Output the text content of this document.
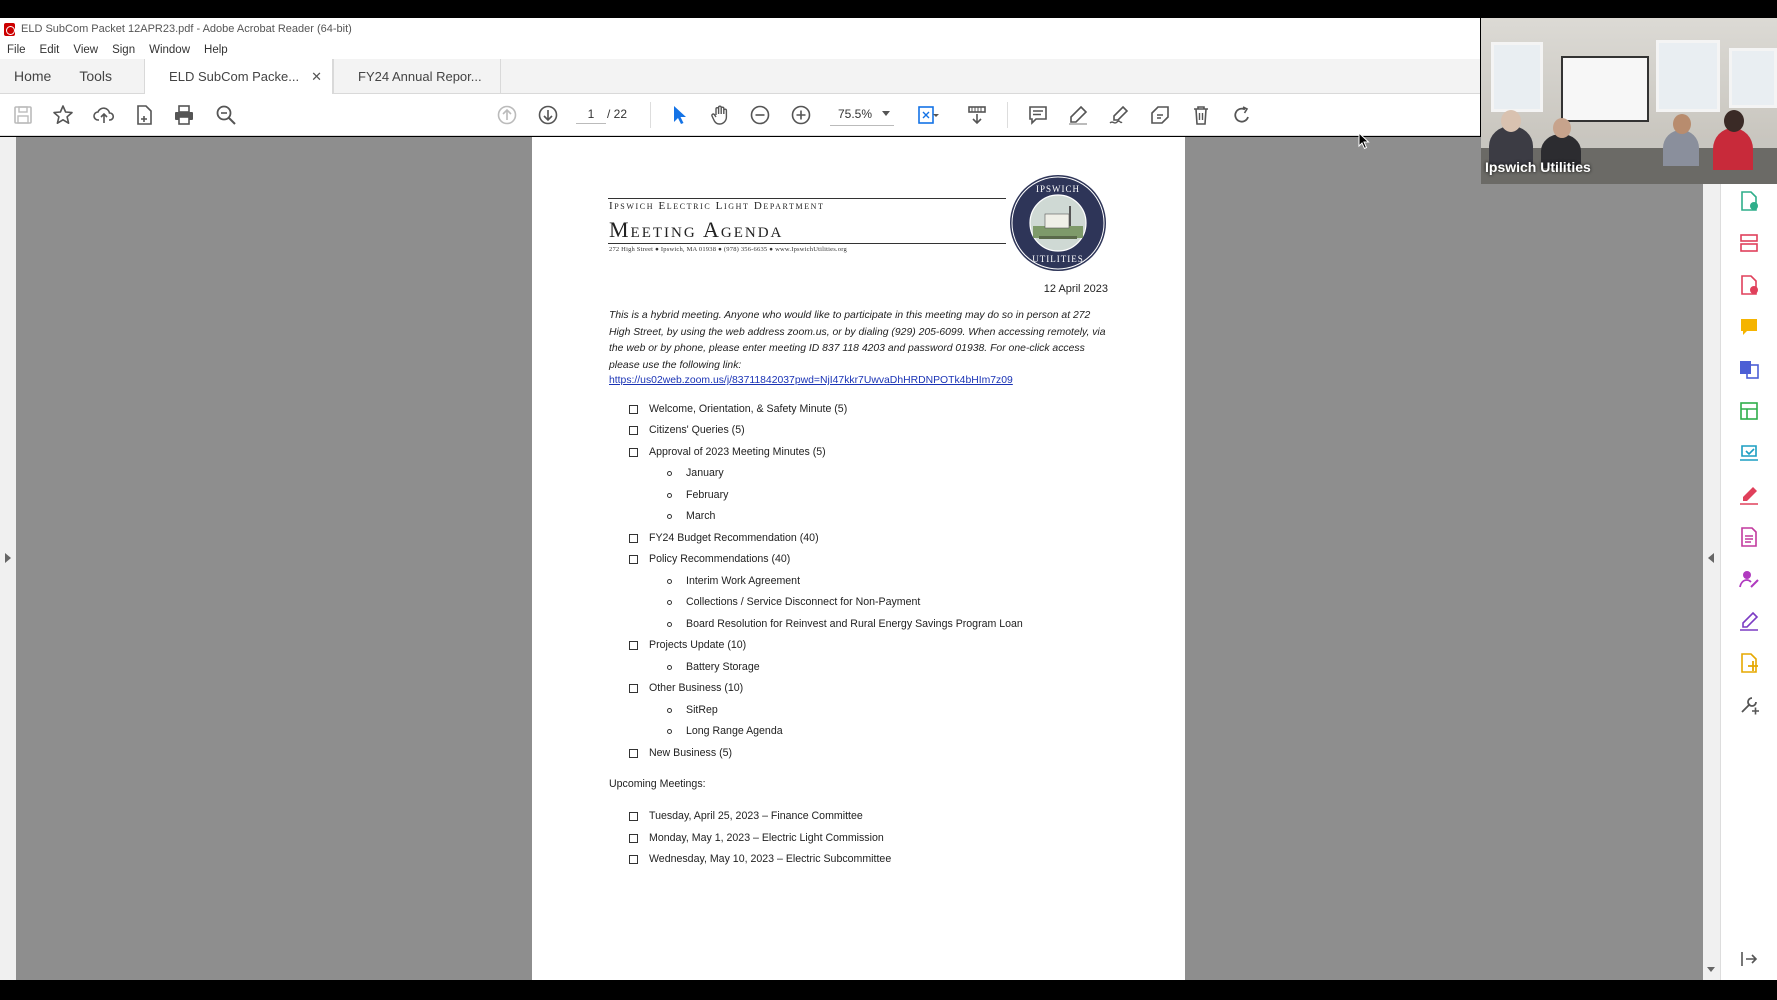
ELD SubCom Packet 12APR23.pdf - Adobe Acrobat Reader (64-bit)
File	Edit	View	Sign	Window	Help
Home	Tools	ELD SubCom Packe... ✕	FY24 Annual Repor...
1	/ 22	75.5%
Ipswich Electric Light Department
Meeting Agenda
272 High Street ● Ipswich, MA 01938 ● (978) 356-6635 ● www.IpswichUtilities.org
IPSWICH
UTILITIES
12 April 2023
This is a hybrid meeting. Anyone who would like to participate in this meeting may do so in person at 272 High Street, by using the web address zoom.us, or by dialing (929) 205-6099. When accessing remotely, via the web or by phone, please enter meeting ID 837 118 4203 and password 01938. For one-click access please use the following link:
https://us02web.zoom.us/j/83711842037pwd=NjI47kkr7UwvaDhHRDNPOTk4bHIm7z09
Welcome, Orientation, & Safety Minute (5)
Citizens' Queries (5)
Approval of 2023 Meeting Minutes (5)
January
February
March
FY24 Budget Recommendation (40)
Policy Recommendations (40)
Interim Work Agreement
Collections / Service Disconnect for Non-Payment
Board Resolution for Reinvest and Rural Energy Savings Program Loan
Projects Update (10)
Battery Storage
Other Business (10)
SitRep
Long Range Agenda
New Business (5)
Upcoming Meetings:
Tuesday, April 25, 2023 – Finance Committee
Monday, May 1, 2023 – Electric Light Commission
Wednesday, May 10, 2023 – Electric Subcommittee
Ipswich Utilities
